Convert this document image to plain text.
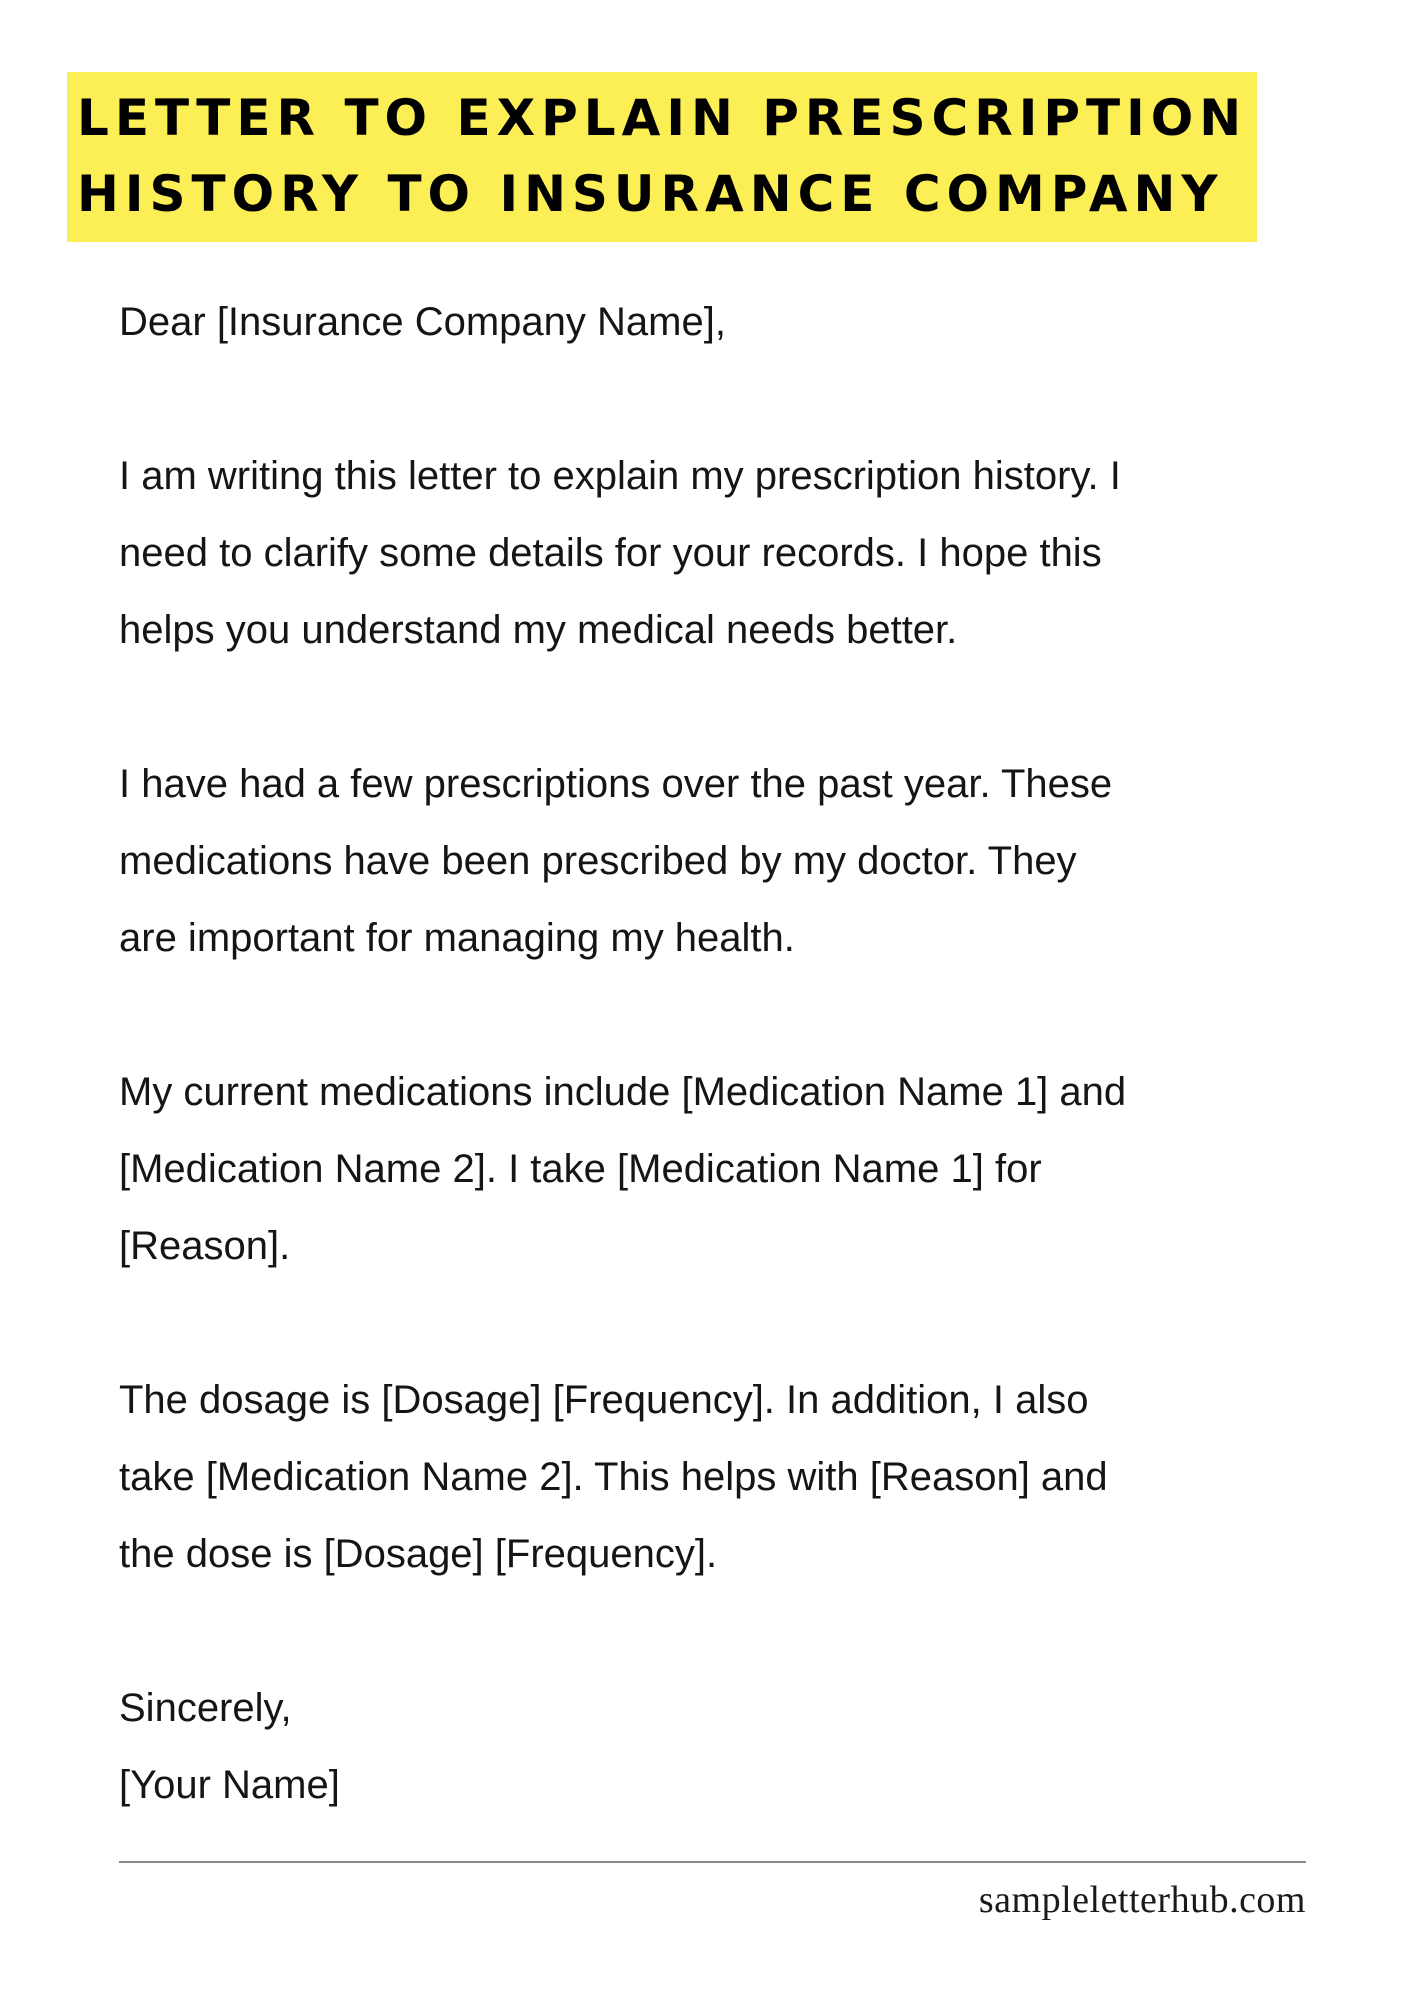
LETTER TO EXPLAIN PRESCRIPTION
HISTORY TO INSURANCE COMPANY

Dear [Insurance Company Name],

I am writing this letter to explain my prescription history. I
need to clarify some details for your records. I hope this
helps you understand my medical needs better.

I have had a few prescriptions over the past year. These
medications have been prescribed by my doctor. They
are important for managing my health.

My current medications include [Medication Name 1] and
[Medication Name 2]. I take [Medication Name 1] for
[Reason].

The dosage is [Dosage] [Frequency]. In addition, I also
take [Medication Name 2]. This helps with [Reason] and
the dose is [Dosage] [Frequency].

Sincerely,
[Your Name]

sampleletterhub.com
